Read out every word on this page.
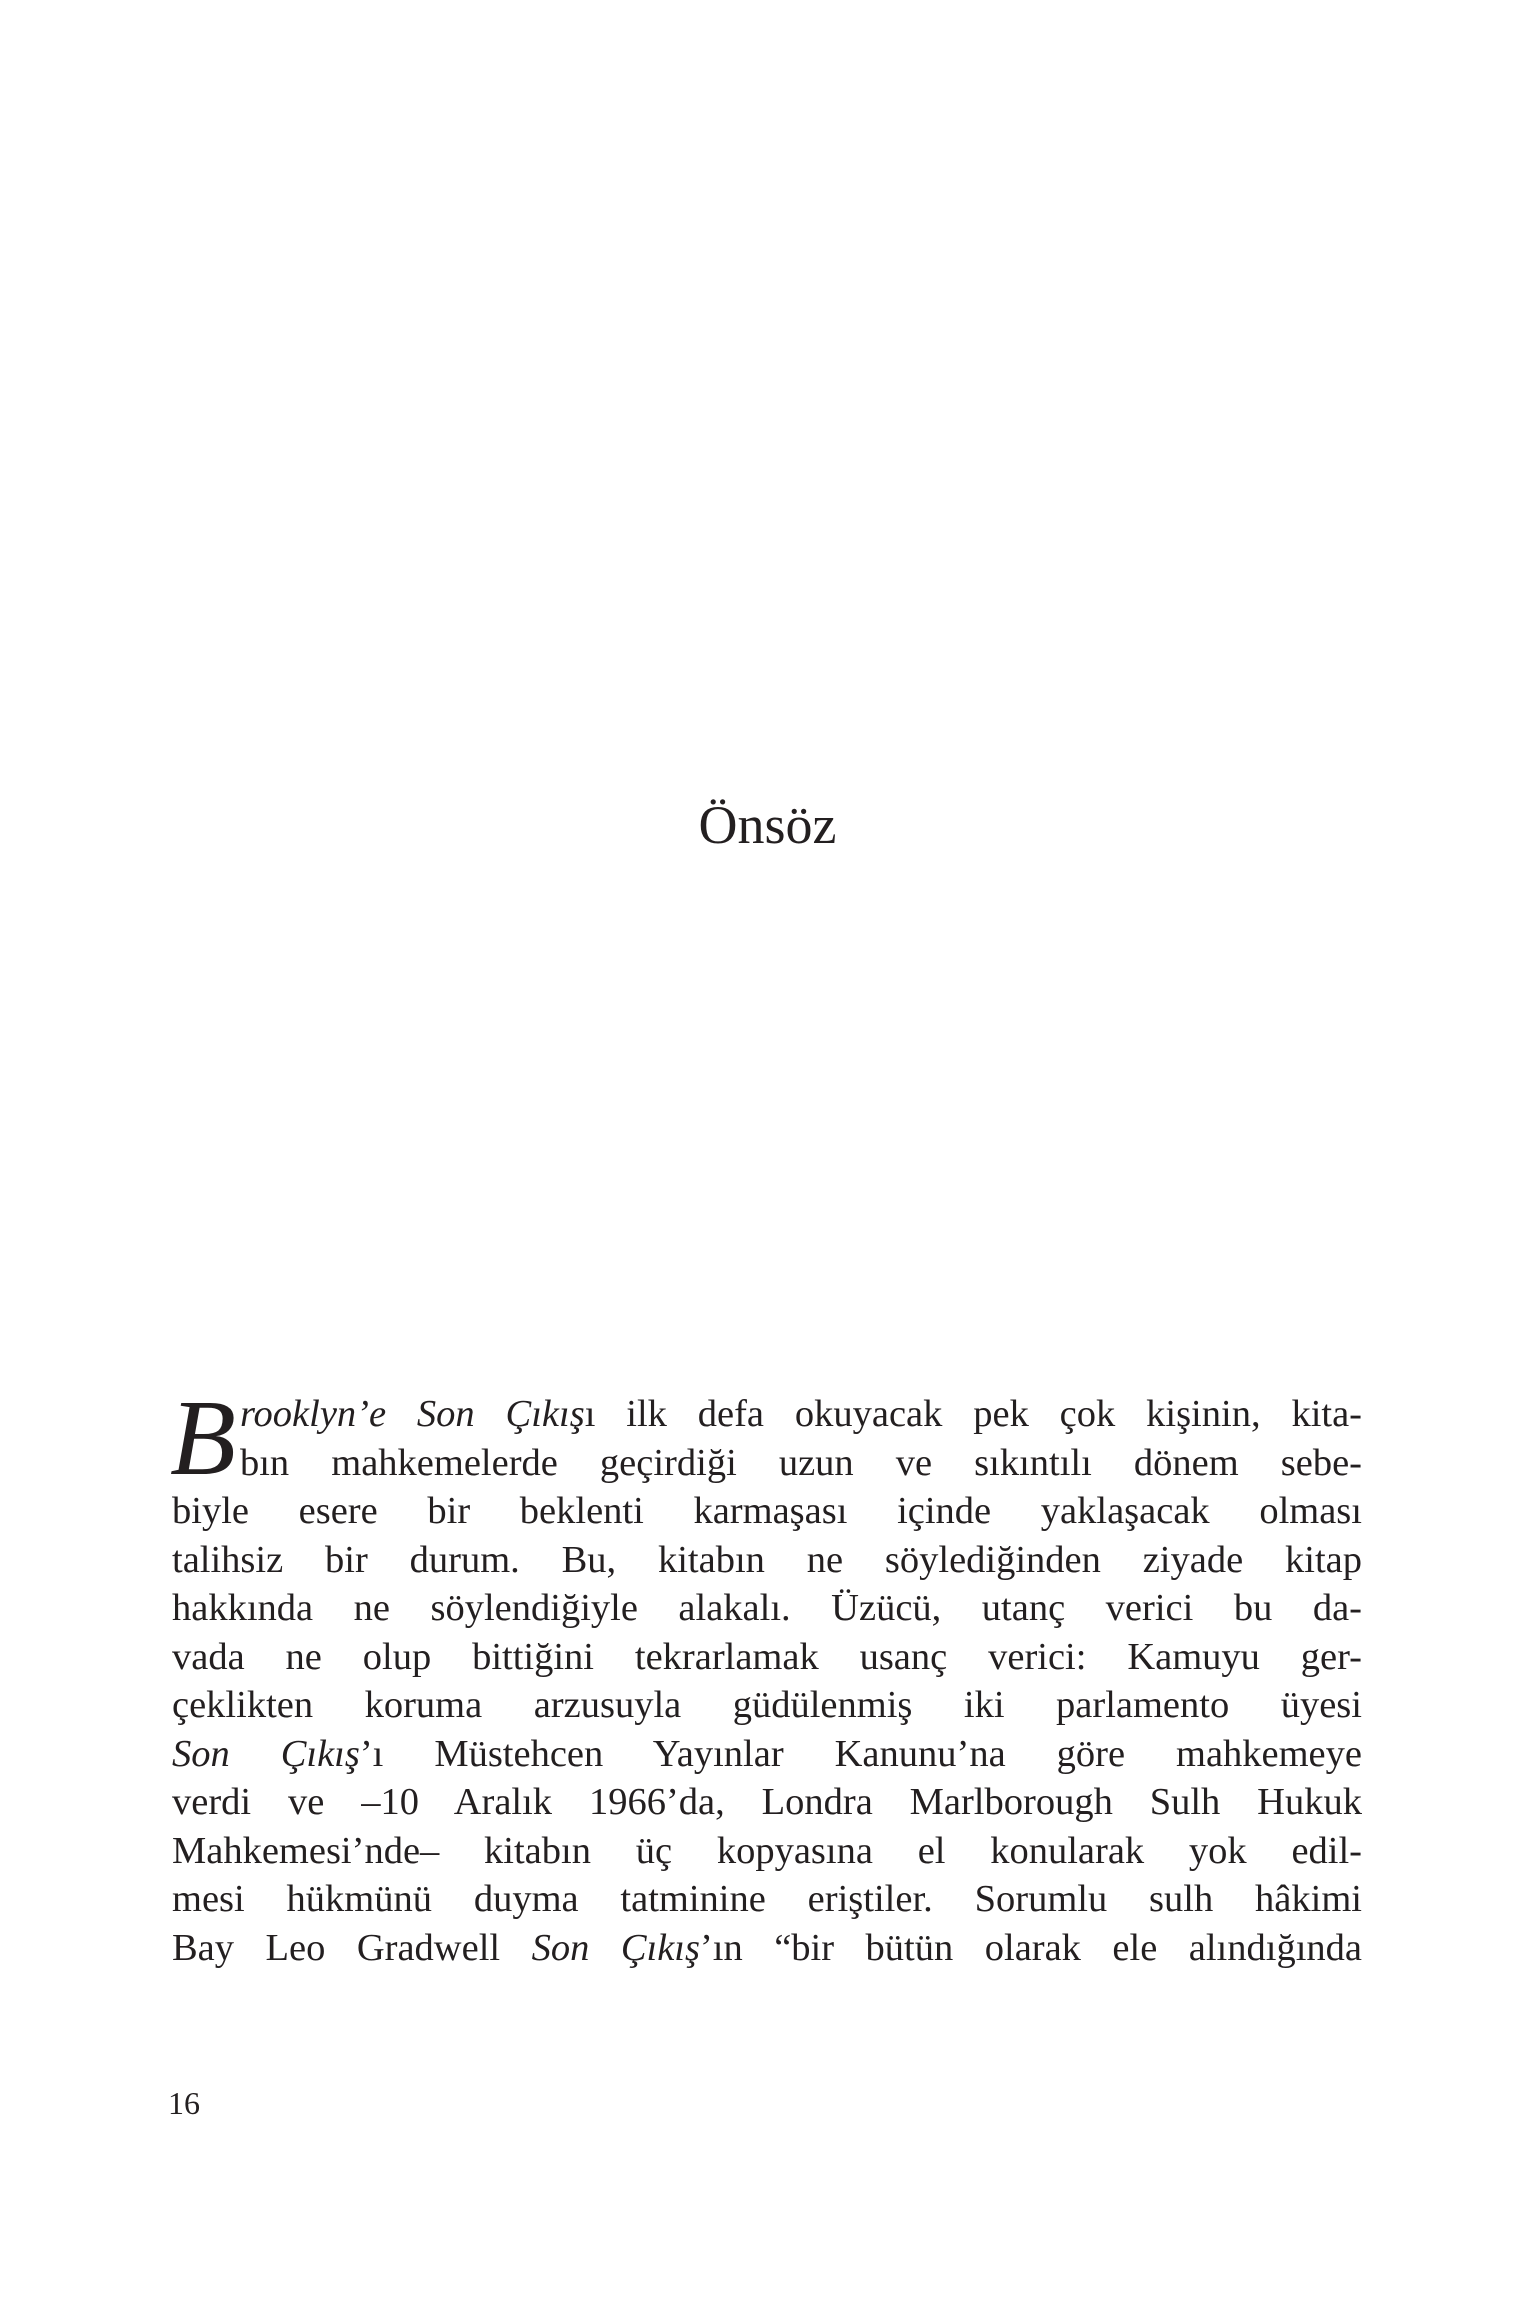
Önsöz
B rooklyn’e Son Çıkışı ilk defa okuyacak pek çok kişinin, kita-
bın mahkemelerde geçirdiği uzun ve sıkıntılı dönem sebe-
biyle esere bir beklenti karmaşası içinde yaklaşacak olması
talihsiz bir durum. Bu, kitabın ne söylediğinden ziyade kitap
hakkında ne söylendiğiyle alakalı. Üzücü, utanç verici bu da-
vada ne olup bittiğini tekrarlamak usanç verici: Kamuyu ger-
çeklikten koruma arzusuyla güdülenmiş iki parlamento üyesi
Son Çıkış’ı Müstehcen Yayınlar Kanunu’na göre mahkemeye
verdi ve –10 Aralık 1966’da, Londra Marlborough Sulh Hukuk
Mahkemesi’nde– kitabın üç kopyasına el konularak yok edil-
mesi hükmünü duyma tatminine eriştiler. Sorumlu sulh hâkimi
Bay Leo Gradwell Son Çıkış’ın “bir bütün olarak ele alındığında
16
